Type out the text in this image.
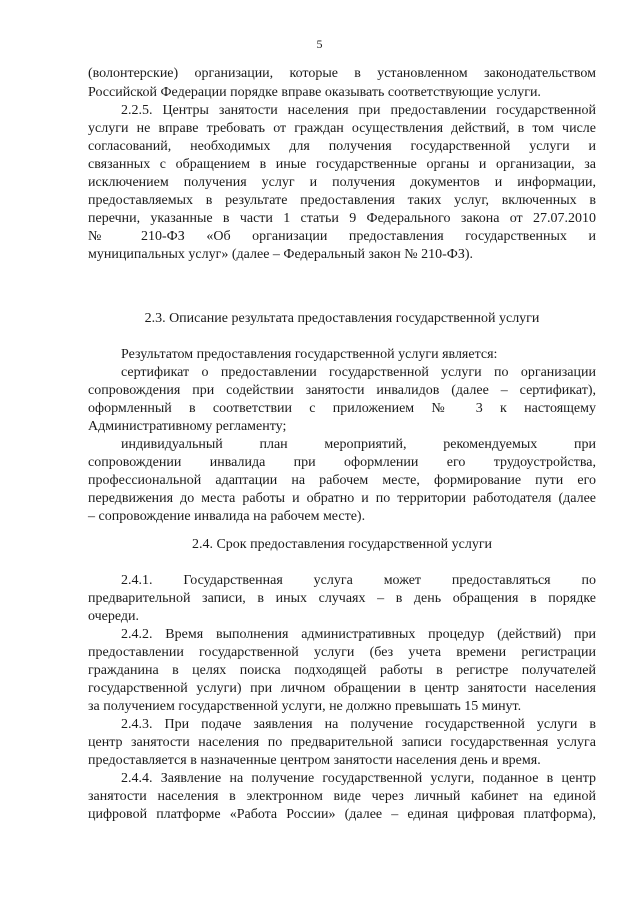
5
(волонтерские) организации, которые в установленном законодательством
Российской Федерации порядке вправе оказывать соответствующие услуги.
2.2.5. Центры занятости населения при предоставлении государственной
услуги не вправе требовать от граждан осуществления действий, в том числе
согласований, необходимых для получения государственной услуги и
связанных с обращением в иные государственные органы и организации, за
исключением получения услуг и получения документов и информации,
предоставляемых в результате предоставления таких услуг, включенных в
перечни, указанные в части 1 статьи 9 Федерального закона от 27.07.2010
№ 210-ФЗ «Об организации предоставления государственных и
муниципальных услуг» (далее – Федеральный закон № 210-ФЗ).
2.3. Описание результата предоставления государственной услуги
Результатом предоставления государственной услуги является:
сертификат о предоставлении государственной услуги по организации
сопровождения при содействии занятости инвалидов (далее – сертификат),
оформленный в соответствии с приложением № 3 к настоящему
Административному регламенту;
индивидуальный план мероприятий, рекомендуемых при
сопровождении инвалида при оформлении его трудоустройства,
профессиональной адаптации на рабочем месте, формирование пути его
передвижения до места работы и обратно и по территории работодателя (далее
– сопровождение инвалида на рабочем месте).
2.4. Срок предоставления государственной услуги
2.4.1. Государственная услуга может предоставляться по
предварительной записи, в иных случаях – в день обращения в порядке
очереди.
2.4.2. Время выполнения административных процедур (действий) при
предоставлении государственной услуги (без учета времени регистрации
гражданина в целях поиска подходящей работы в регистре получателей
государственной услуги) при личном обращении в центр занятости населения
за получением государственной услуги, не должно превышать 15 минут.
2.4.3. При подаче заявления на получение государственной услуги в
центр занятости населения по предварительной записи государственная услуга
предоставляется в назначенные центром занятости населения день и время.
2.4.4. Заявление на получение государственной услуги, поданное в центр
занятости населения в электронном виде через личный кабинет на единой
цифровой платформе «Работа России» (далее – единая цифровая платформа),
